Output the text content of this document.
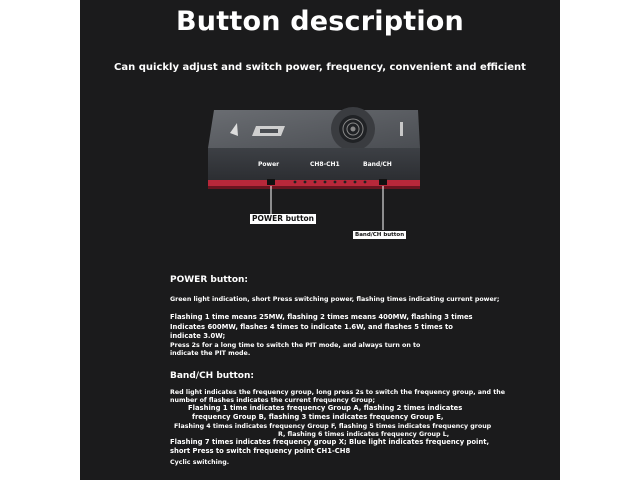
Button description
Can quickly adjust and switch power, frequency, convenient and efficient
Power	CH8-CH1	Band/CH
POWER button
Band/CH button
POWER button:
Green light indication, short Press switching power, flashing times indicating current power;
Flashing 1 time means 25MW, flashing 2 times means 400MW, flashing 3 times
Indicates 600MW, flashes 4 times to indicate 1.6W, and flashes 5 times to
indicate 3.0W;
Press 2s for a long time to switch the PIT mode, and always turn on to
indicate the PIT mode.
Band/CH button:
Red light indicates the frequency group, long press 2s to switch the frequency group, and the
number of flashes indicates the current frequency Group;
Flashing 1 time indicates frequency Group A, flashing 2 times indicates
frequency Group B, flashing 3 times indicates frequency Group E,
Flashing 4 times indicates frequency Group F, flashing 5 times indicates frequency group
R, flashing 6 times indicates frequency Group L,
Flashing 7 times indicates frequency group X; Blue light indicates frequency point,
short Press to switch frequency point CH1-CH8
Cyclic switching.
